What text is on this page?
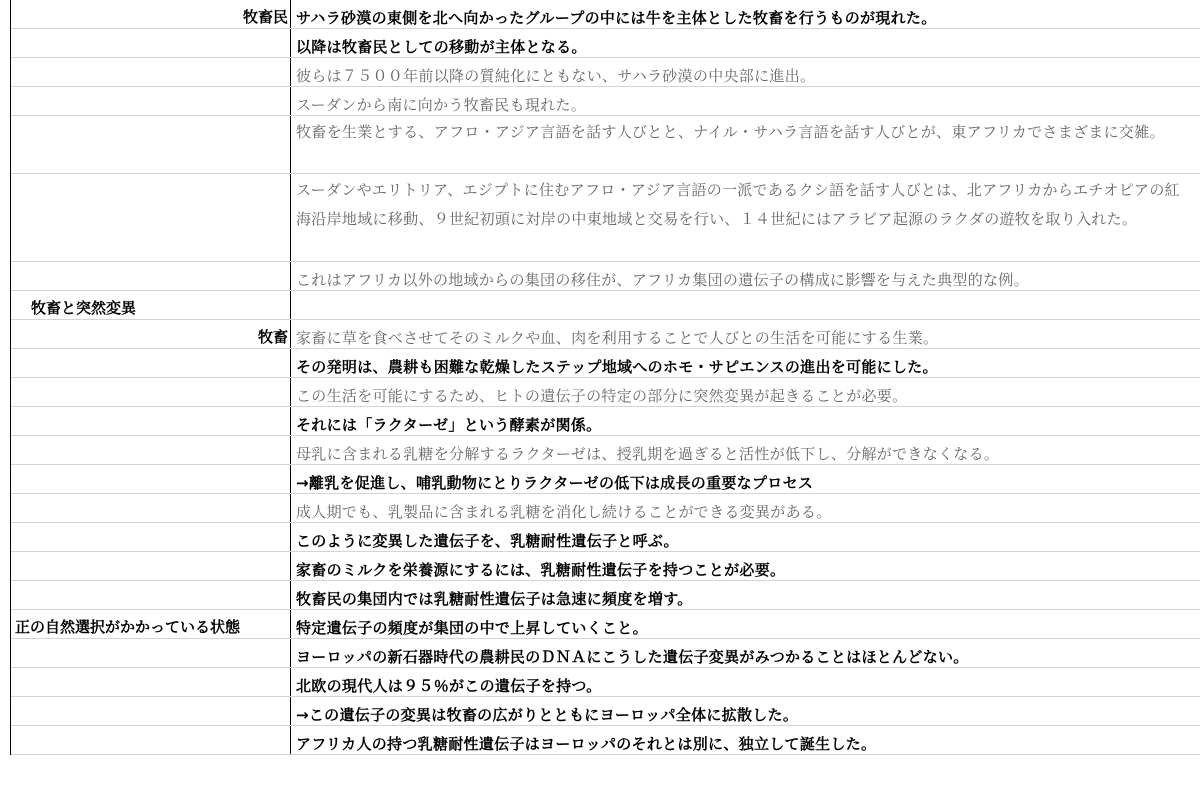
牧畜民 サハラ砂漠の東側を北へ向かったグループの中には牛を主体とした牧畜を行うものが現れた。
以降は牧畜民としての移動が主体となる。
彼らは７５００年前以降の質純化にともない、サハラ砂漠の中央部に進出。
スーダンから南に向かう牧畜民も現れた。
牧畜を生業とする、アフロ・アジア言語を話す人びとと、ナイル・サハラ言語を話す人びとが、東アフリカでさまざまに交雑。
スーダンやエリトリア、エジプトに住むアフロ・アジア言語の一派であるクシ語を話す人びとは、北アフリカからエチオピアの紅海沿岸地域に移動、９世紀初頭に対岸の中東地域と交易を行い、１４世紀にはアラビア起源のラクダの遊牧を取り入れた。
これはアフリカ以外の地域からの集団の移住が、アフリカ集団の遺伝子の構成に影響を与えた典型的な例。
牧畜と突然変異
牧畜 家畜に草を食べさせてそのミルクや血、肉を利用することで人びとの生活を可能にする生業。
その発明は、農耕も困難な乾燥したステップ地域へのホモ・サピエンスの進出を可能にした。
この生活を可能にするため、ヒトの遺伝子の特定の部分に突然変異が起きることが必要。
それには「ラクターゼ」という酵素が関係。
母乳に含まれる乳糖を分解するラクターゼは、授乳期を過ぎると活性が低下し、分解ができなくなる。
→離乳を促進し、哺乳動物にとりラクターゼの低下は成長の重要なプロセス
成人期でも、乳製品に含まれる乳糖を消化し続けることができる変異がある。
このように変異した遺伝子を、乳糖耐性遺伝子と呼ぶ。
家畜のミルクを栄養源にするには、乳糖耐性遺伝子を持つことが必要。
牧畜民の集団内では乳糖耐性遺伝子は急速に頻度を増す。
正の自然選択がかかっている状態	特定遺伝子の頻度が集団の中で上昇していくこと。
ヨーロッパの新石器時代の農耕民のＤＮＡにこうした遺伝子変異がみつかることはほとんどない。
北欧の現代人は９５％がこの遺伝子を持つ。
→この遺伝子の変異は牧畜の広がりとともにヨーロッパ全体に拡散した。
アフリカ人の持つ乳糖耐性遺伝子はヨーロッパのそれとは別に、独立して誕生した。
